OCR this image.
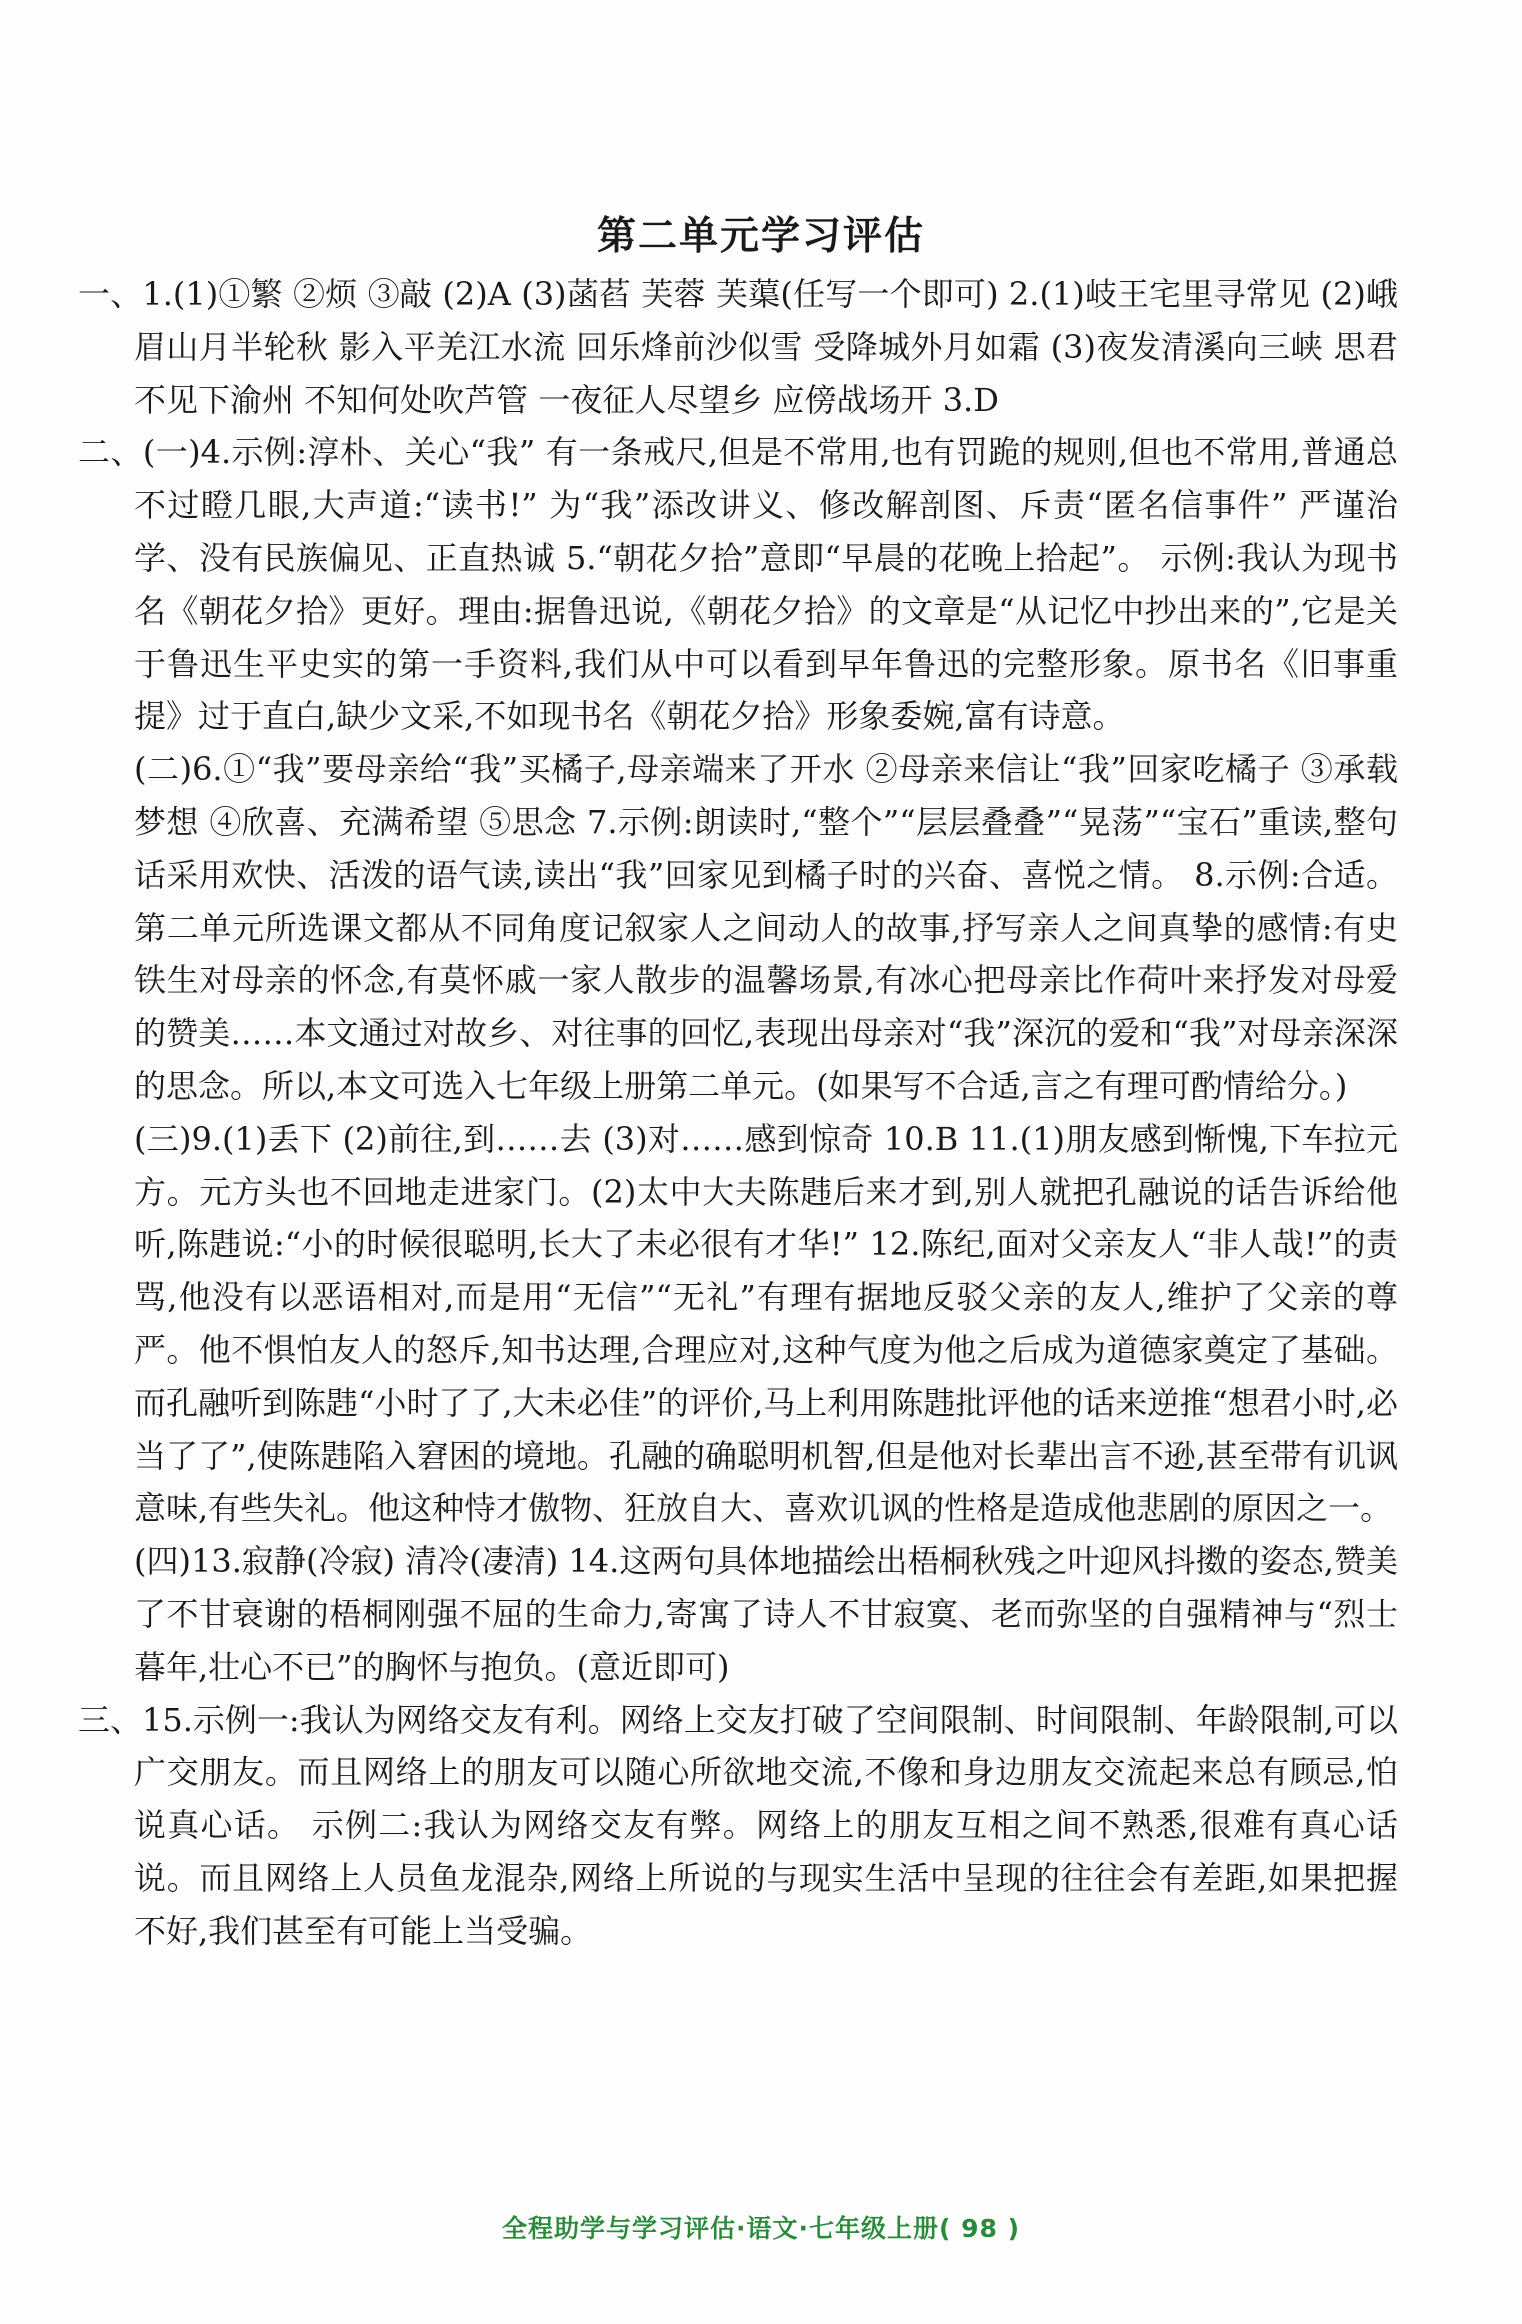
第二单元学习评估

一、1.(1)①繁 ②烦 ③敲 (2)A (3)菡萏 芙蓉 芙蕖(任写一个即可) 2.(1)岐王宅里寻常见 (2)峨眉山月半轮秋 影入平羌江水流 回乐烽前沙似雪 受降城外月如霜 (3)夜发清溪向三峡 思君不见下渝州 不知何处吹芦管 一夜征人尽望乡 应傍战场开 3.D

二、(一)4.示例:淳朴、关心“我” 有一条戒尺,但是不常用,也有罚跪的规则,但也不常用,普通总不过瞪几眼,大声道:“读书!” 为“我”添改讲义、修改解剖图、斥责“匿名信事件” 严谨治学、没有民族偏见、正直热诚 5.“朝花夕拾”意即“早晨的花晚上拾起”。 示例:我认为现书名《朝花夕拾》更好。理由:据鲁迅说,《朝花夕拾》的文章是“从记忆中抄出来的”,它是关于鲁迅生平史实的第一手资料,我们从中可以看到早年鲁迅的完整形象。原书名《旧事重提》过于直白,缺少文采,不如现书名《朝花夕拾》形象委婉,富有诗意。

(二)6.①“我”要母亲给“我”买橘子,母亲端来了开水 ②母亲来信让“我”回家吃橘子 ③承载梦想 ④欣喜、充满希望 ⑤思念 7.示例:朗读时,“整个”“层层叠叠”“晃荡”“宝石”重读,整句话采用欢快、活泼的语气读,读出“我”回家见到橘子时的兴奋、喜悦之情。 8.示例:合适。第二单元所选课文都从不同角度记叙家人之间动人的故事,抒写亲人之间真挚的感情:有史铁生对母亲的怀念,有莫怀戚一家人散步的温馨场景,有冰心把母亲比作荷叶来抒发对母爱的赞美……本文通过对故乡、对往事的回忆,表现出母亲对“我”深沉的爱和“我”对母亲深深的思念。所以,本文可选入七年级上册第二单元。(如果写不合适,言之有理可酌情给分。)

(三)9.(1)丢下 (2)前往,到……去 (3)对……感到惊奇 10.B 11.(1)朋友感到惭愧,下车拉元方。元方头也不回地走进家门。(2)太中大夫陈韪后来才到,别人就把孔融说的话告诉给他听,陈韪说:“小的时候很聪明,长大了未必很有才华!” 12.陈纪,面对父亲友人“非人哉!”的责骂,他没有以恶语相对,而是用“无信”“无礼”有理有据地反驳父亲的友人,维护了父亲的尊严。他不惧怕友人的怒斥,知书达理,合理应对,这种气度为他之后成为道德家奠定了基础。 而孔融听到陈韪“小时了了,大未必佳”的评价,马上利用陈韪批评他的话来逆推“想君小时,必当了了”,使陈韪陷入窘困的境地。孔融的确聪明机智,但是他对长辈出言不逊,甚至带有讥讽意味,有些失礼。他这种恃才傲物、狂放自大、喜欢讥讽的性格是造成他悲剧的原因之一。

(四)13.寂静(冷寂) 清冷(凄清) 14.这两句具体地描绘出梧桐秋残之叶迎风抖擞的姿态,赞美了不甘衰谢的梧桐刚强不屈的生命力,寄寓了诗人不甘寂寞、老而弥坚的自强精神与“烈士暮年,壮心不已”的胸怀与抱负。(意近即可)

三、15.示例一:我认为网络交友有利。网络上交友打破了空间限制、时间限制、年龄限制,可以广交朋友。而且网络上的朋友可以随心所欲地交流,不像和身边朋友交流起来总有顾忌,怕说真心话。 示例二:我认为网络交友有弊。网络上的朋友互相之间不熟悉,很难有真心话说。而且网络上人员鱼龙混杂,网络上所说的与现实生活中呈现的往往会有差距,如果把握不好,我们甚至有可能上当受骗。

全程助学与学习评估·语文·七年级上册( 98 )
